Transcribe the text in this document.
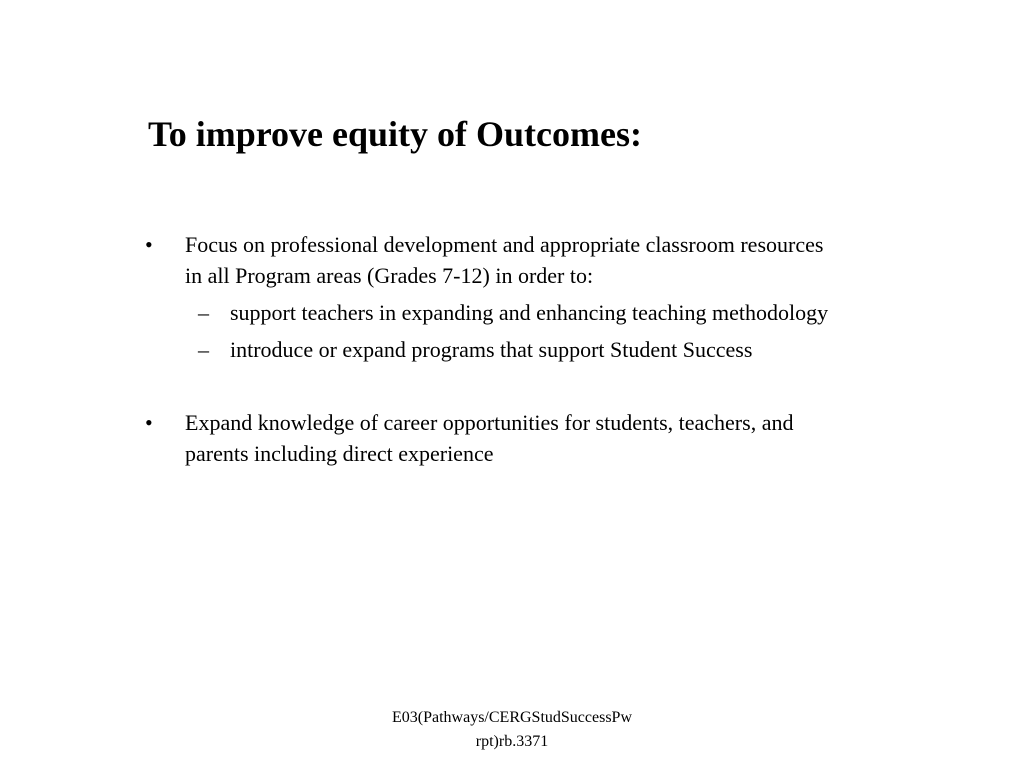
To improve equity of Outcomes:
• Focus on professional development and appropriate classroom resources
in all Program areas (Grades 7-12) in order to:
– support teachers in expanding and enhancing teaching methodology
– introduce or expand programs that support Student Success
• Expand knowledge of career opportunities for students, teachers, and
parents including direct experience
E03(Pathways/CERGStudSuccessPw
rpt)rb.3371
